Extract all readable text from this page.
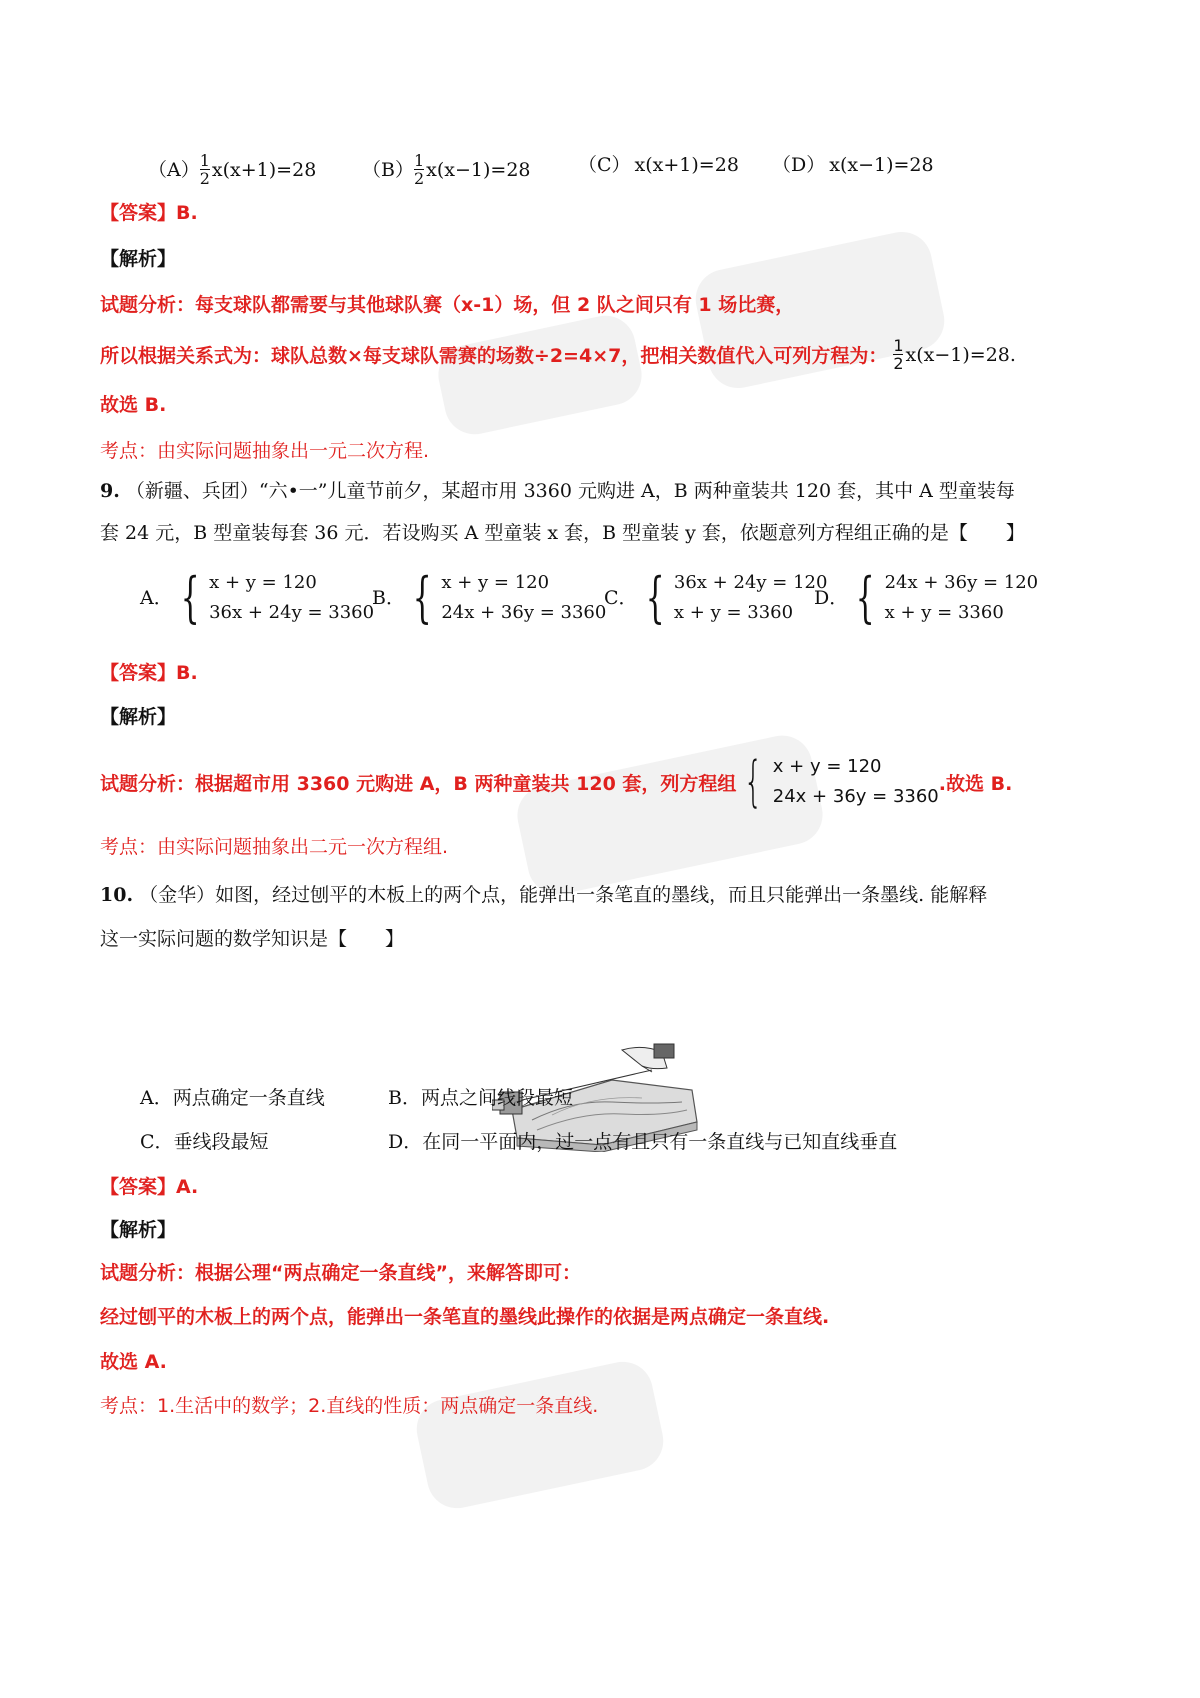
$(A) \frac{1}{2} x(x+1)=28$ $(B) \frac{1}{2} x(x-1)=28$ （C） x(x+1)=28 （D） x(x−1)=28
【答案】B.
【解析】
试题分析：每支球队都需要与其他球队赛（x-1）场，但 2 队之间只有 1 场比赛，
所以根据关系式为：球队总数×每支球队需赛的场数÷2=4×7，把相关数值代入可列方程为： $\frac{1}{2} x(x-1)=28$.
故选 B.
考点：由实际问题抽象出一元二次方程.
9. （新疆、兵团）“六•一”儿童节前夕，某超市用 3360 元购进 A，B 两种童装共 120 套，其中 A 型童装每
套 24 元，B 型童装每套 36 元．若设购买 A 型童装 x 套，B 型童装 y 套，依题意列方程组正确的是【　　】
A． { x + y = 120
36x + 24y = 3360
B． { x + y = 120
24x + 36y = 3360
C． { 36x + 24y = 120
x + y = 3360
D． { 24x + 36y = 120
x + y = 3360
【答案】B.
【解析】
试题分析：根据超市用 3360 元购进 A，B 两种童装共 120 套，列方程组 { x + y = 120
24x + 36y = 3360
.故选 B.
考点：由实际问题抽象出二元一次方程组.
10. （金华）如图，经过刨平的木板上的两个点，能弹出一条笔直的墨线，而且只能弹出一条墨线. 能解释
这一实际问题的数学知识是【　　】
A．两点确定一条直线	B．两点之间线段最短
C．垂线段最短	D．在同一平面内，过一点有且只有一条直线与已知直线垂直
【答案】A.
【解析】
试题分析：根据公理“两点确定一条直线”，来解答即可：
经过刨平的木板上的两个点，能弹出一条笔直的墨线此操作的依据是两点确定一条直线.
故选 A.
考点：1.生活中的数学；2.直线的性质：两点确定一条直线.
